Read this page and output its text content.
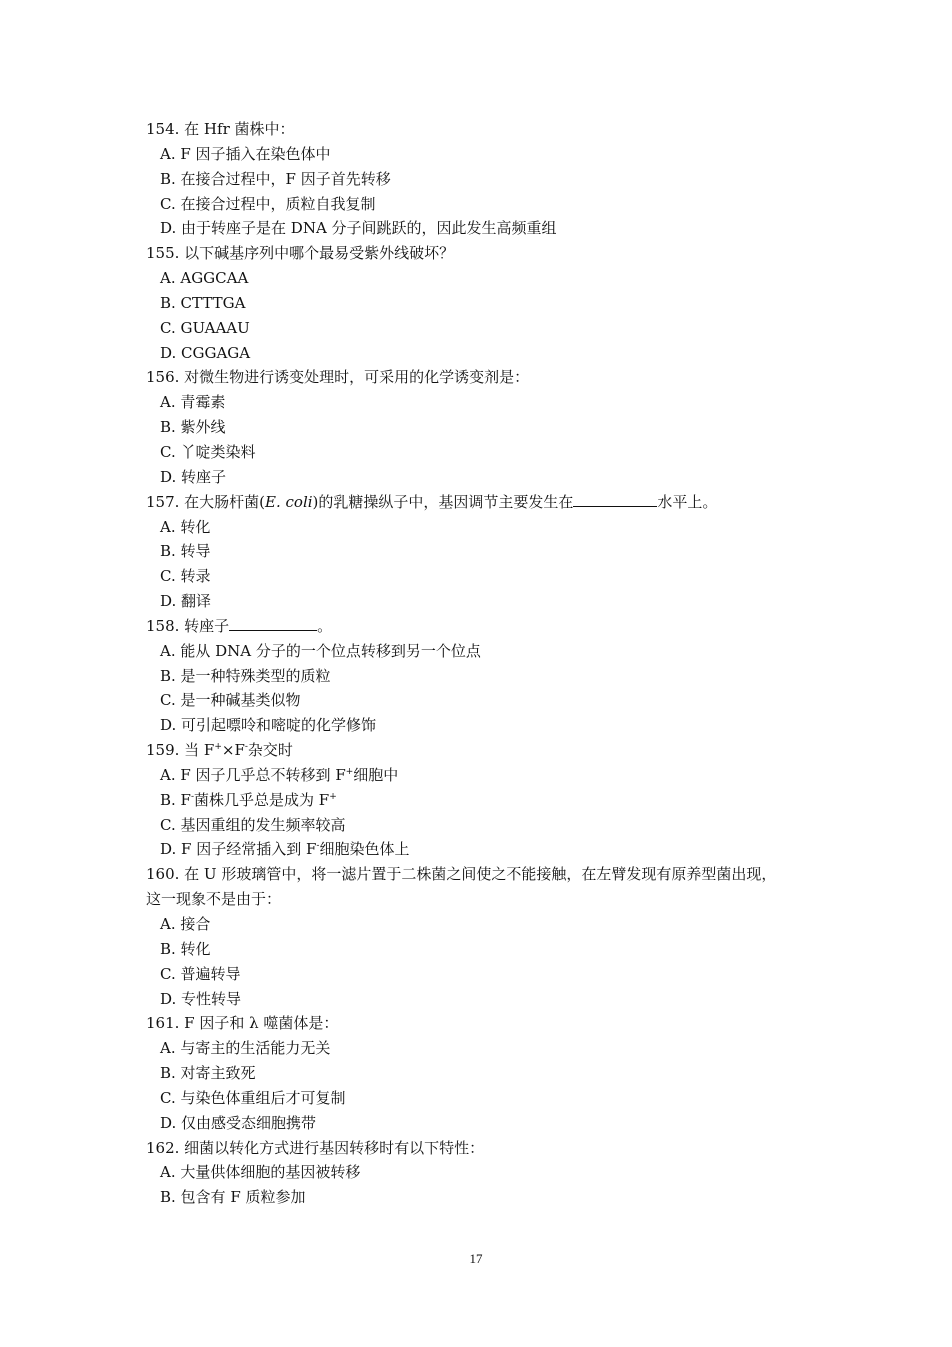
154. 在 Hfr 菌株中：
A. F 因子插入在染色体中
B. 在接合过程中，F 因子首先转移
C. 在接合过程中，质粒自我复制
D. 由于转座子是在 DNA 分子间跳跃的，因此发生高频重组
155. 以下碱基序列中哪个最易受紫外线破坏？
A. AGGCAA
B. CTTTGA
C. GUAAAU
D. CGGAGA
156. 对微生物进行诱变处理时，可采用的化学诱变剂是：
A. 青霉素
B. 紫外线
C. 丫啶类染料
D. 转座子
157. 在大肠杆菌(E. coli)的乳糖操纵子中，基因调节主要发生在	水平上。
A. 转化
B. 转导
C. 转录
D. 翻译
158. 转座子	。
A. 能从 DNA 分子的一个位点转移到另一个位点
B. 是一种特殊类型的质粒
C. 是一种碱基类似物
D. 可引起嘌呤和嘧啶的化学修饰
159. 当 F+×F-杂交时
A. F 因子几乎总不转移到 F+细胞中
B. F-菌株几乎总是成为 F+
C. 基因重组的发生频率较高
D. F 因子经常插入到 F-细胞染色体上
160. 在 U 形玻璃管中，将一滤片置于二株菌之间使之不能接触，在左臂发现有原养型菌出现，
这一现象不是由于：
A. 接合
B. 转化
C. 普遍转导
D. 专性转导
161. F 因子和 λ 噬菌体是：
A. 与寄主的生活能力无关
B. 对寄主致死
C. 与染色体重组后才可复制
D. 仅由感受态细胞携带
162. 细菌以转化方式进行基因转移时有以下特性：
A. 大量供体细胞的基因被转移
B. 包含有 F 质粒参加
17
